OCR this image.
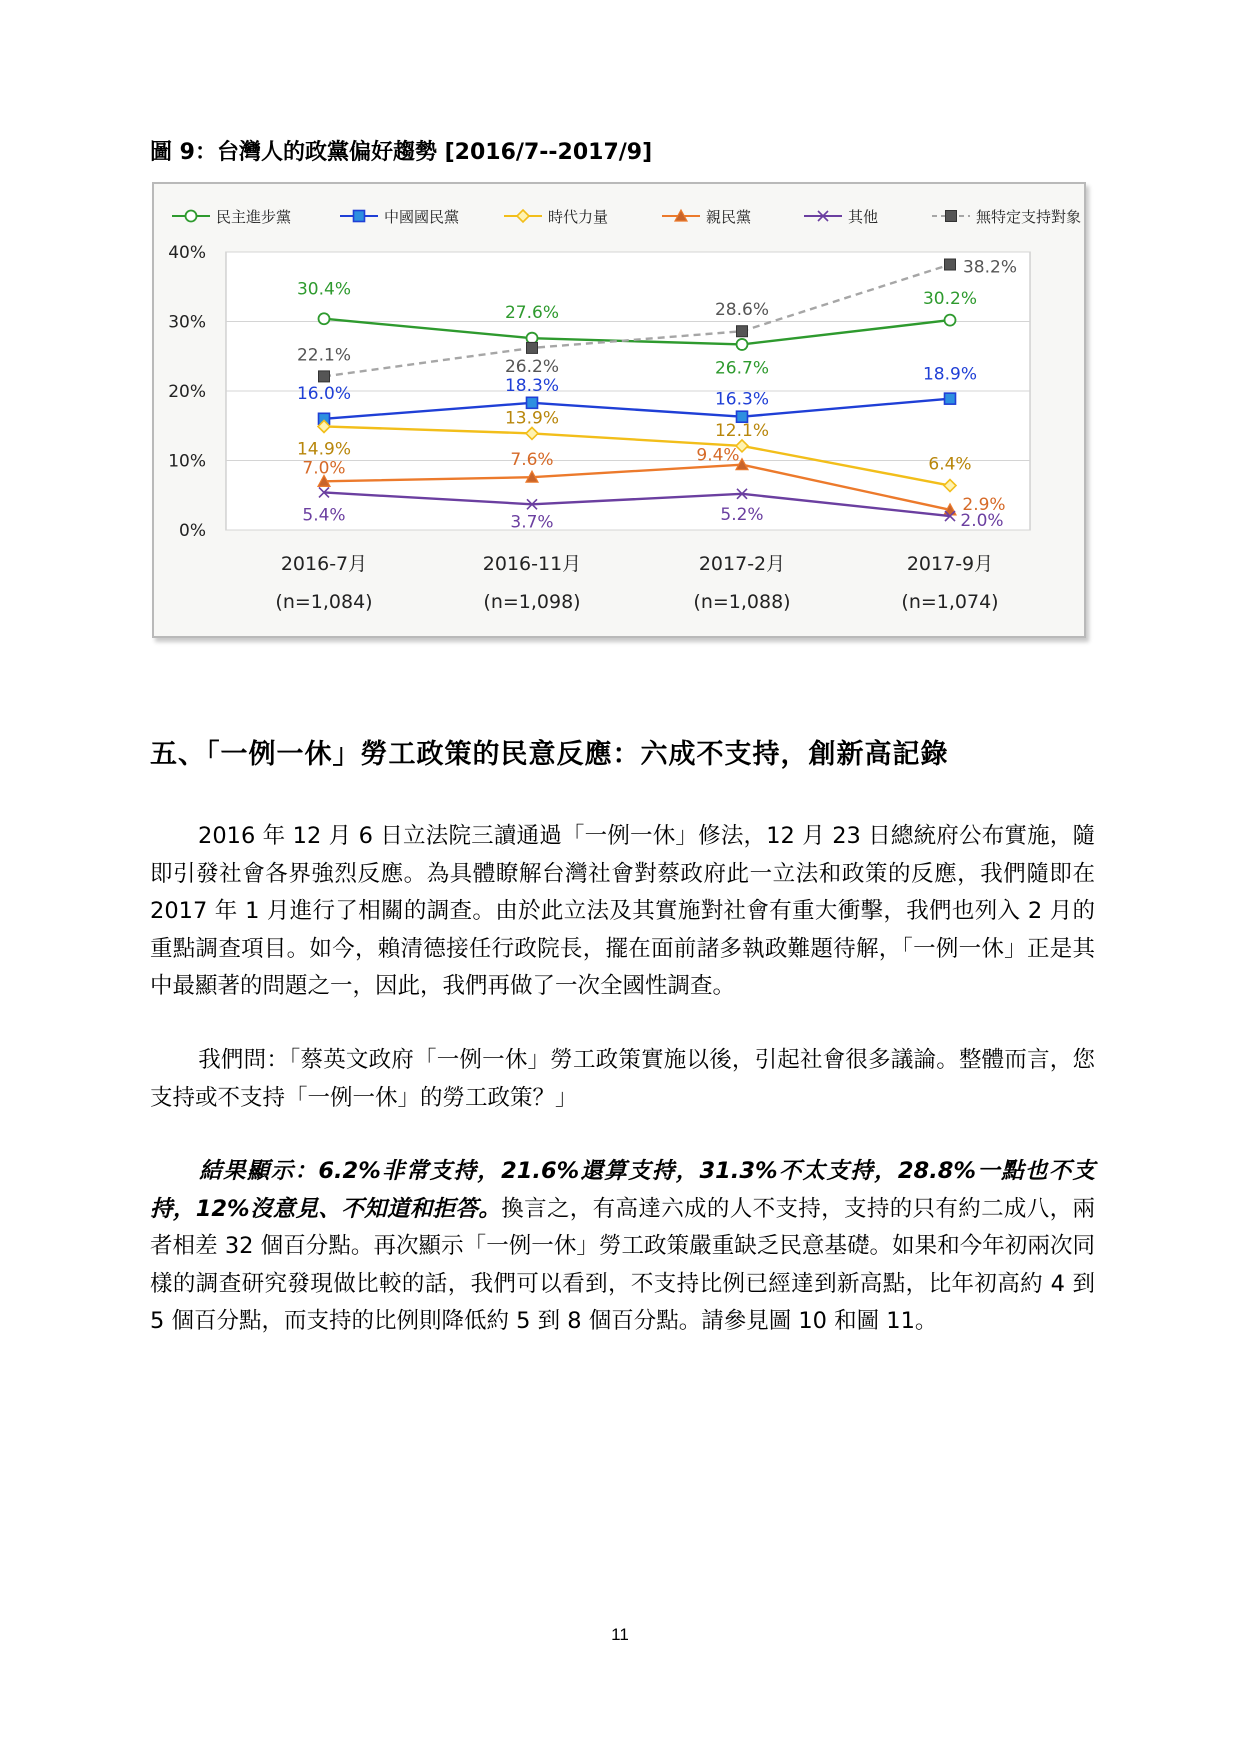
圖 9：台灣人的政黨偏好趨勢 [2016/7--2017/9]
民主進步黨	中國國民黨	時代力量	親民黨	其他	無特定支持對象
0%
10%
20%
30%
40%
2016-7月
(n=1,084)
2016-11月
(n=1,098)
2017-2月
(n=1,088)
2017-9月
(n=1,074)
30.4%
27.6%
26.7%
30.2%
16.0%	18.3%
16.3%
18.9%
14.9%
13.9%
12.1%
6.4%
7.0%	7.6%	9.4%
2.9%
5.4%	3.7%	5.2%	2.0%
22.1%
26.2%
28.6%
38.2%
五、「一例一休」勞工政策的民意反應：六成不支持，創新高記錄
2016 年 12 月 6 日立法院三讀通過「一例一休」修法，12 月 23 日總統府公布實施，隨即引發社會各界強烈反應。為具體瞭解台灣社會對蔡政府此一立法和政策的反應，我們隨即在 2017 年 1 月進行了相關的調查。由於此立法及其實施對社會有重大衝擊，我們也列入 2 月的重點調查項目。如今，賴清德接任行政院長，擺在面前諸多執政難題待解，「一例一休」正是其中最顯著的問題之一，因此，我們再做了一次全國性調查。
我們問：「蔡英文政府「一例一休」勞工政策實施以後，引起社會很多議論。整體而言，您支持或不支持「一例一休」的勞工政策？」
結果顯示：6.2%非常支持，21.6%還算支持，31.3%不太支持，28.8%一點也不支持，12%沒意見、不知道和拒答。換言之，有高達六成的人不支持，支持的只有約二成八，兩者相差 32 個百分點。再次顯示「一例一休」勞工政策嚴重缺乏民意基礎。如果和今年初兩次同樣的調查研究發現做比較的話，我們可以看到，不支持比例已經達到新高點，比年初高約 4 到 5 個百分點，而支持的比例則降低約 5 到 8 個百分點。請參見圖 10 和圖 11。
11
